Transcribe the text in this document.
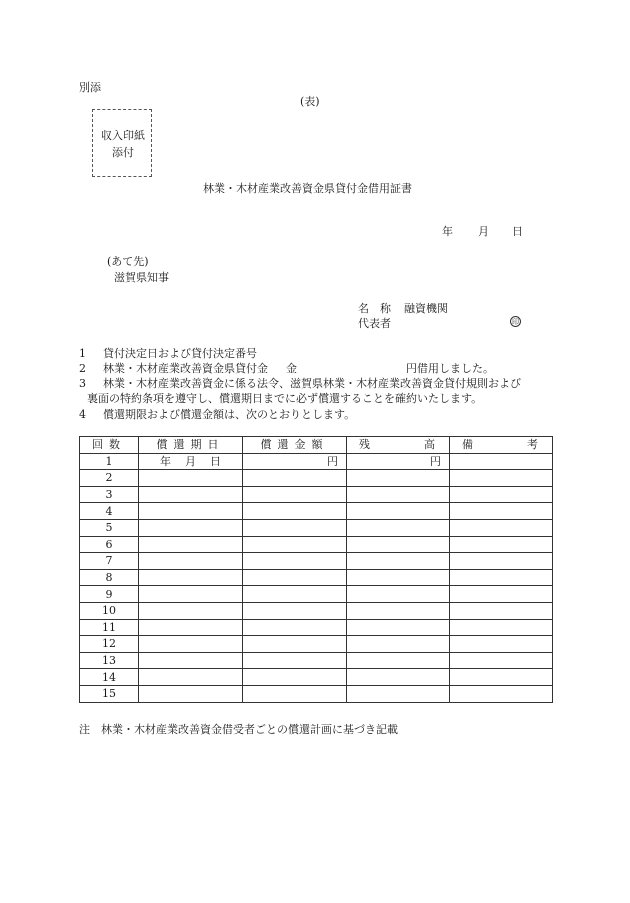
別添
(表)
収入印紙
添付
林業・木材産業改善資金県貸付金借用証書
年 月 日
(あて先)
滋賀県知事
名　称 融資機関
代表者	印
1 貸付決定日および貸付決定番号
2 林業・木材産業改善資金県貸付金 金	円借用しました。
3 林業・木材産業改善資金に係る法令、滋賀県林業・木材産業改善資金貸付規則および
裏面の特約条項を遵守し、償還期日までに必ず償還することを確約いたします。
4 償還期限および償還金額は、次のとおりとします。
回数	償還期日	償還金額	残 高	備 考

1	年 月 日	円	円	
2				
3				
4				
5				
6				
7				
8				
9				
10				
11				
12				
13				
14				
15				
注　林業・木材産業改善資金借受者ごとの償還計画に基づき記載
